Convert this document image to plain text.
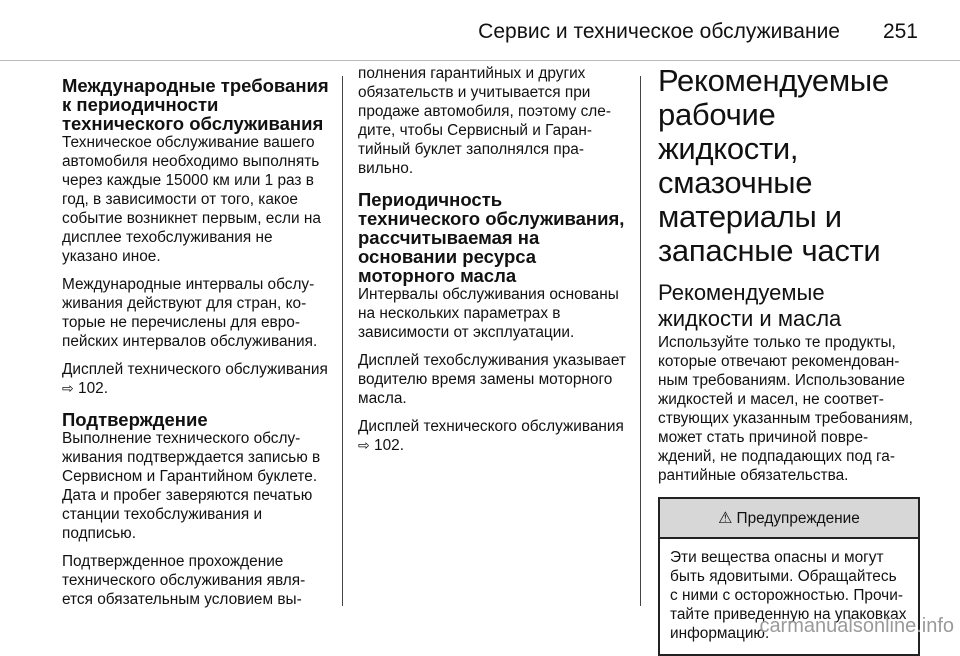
Сервис и техническое обслуживание 251
Международные требования к периодичности технического обслуживания

Техническое обслуживание вашего автомобиля необходимо выполнять через каждые 15000 км или 1 раз в год, в зависимости от того, какое событие возникнет первым, если на дисплее техобслуживания не указано иное.

Международные интервалы обслуживания действуют для стран, которые не перечислены для европейских интервалов обслуживания.

Дисплей технического обслуживания ⇨ 102.

Подтверждение

Выполнение технического обслуживания подтверждается записью в Сервисном и Гарантийном буклете. Дата и пробег заверяются печатью станции техобслуживания и подписью.

Подтвержденное прохождение технического обслуживания является обязательным условием вы-

полнения гарантийных и других обязательств и учитывается при продаже автомобиля, поэтому следите, чтобы Сервисный и Гарантийный буклет заполнялся правильно.

Периодичность технического обслуживания, рассчитываемая на основании ресурса моторного масла

Интервалы обслуживания основаны на нескольких параметрах в зависимости от эксплуатации.

Дисплей техобслуживания указывает водителю время замены моторного масла.

Дисплей технического обслуживания ⇨ 102.

Рекомендуемые рабочие жидкости, смазочные материалы и запасные части
Рекомендуемые жидкости и масла

Используйте только те продукты, которые отвечают рекомендованным требованиям. Использование жидкостей и масел, не соответствующих указанным требованиям, может стать причиной повреждений, не подпадающих под гарантийные обязательства.

⚠ Предупреждение
Эти вещества опасны и могут быть ядовитыми. Обращайтесь с ними с осторожностью. Прочитайте приведенную на упаковках информацию.
carmanualsonline.info
